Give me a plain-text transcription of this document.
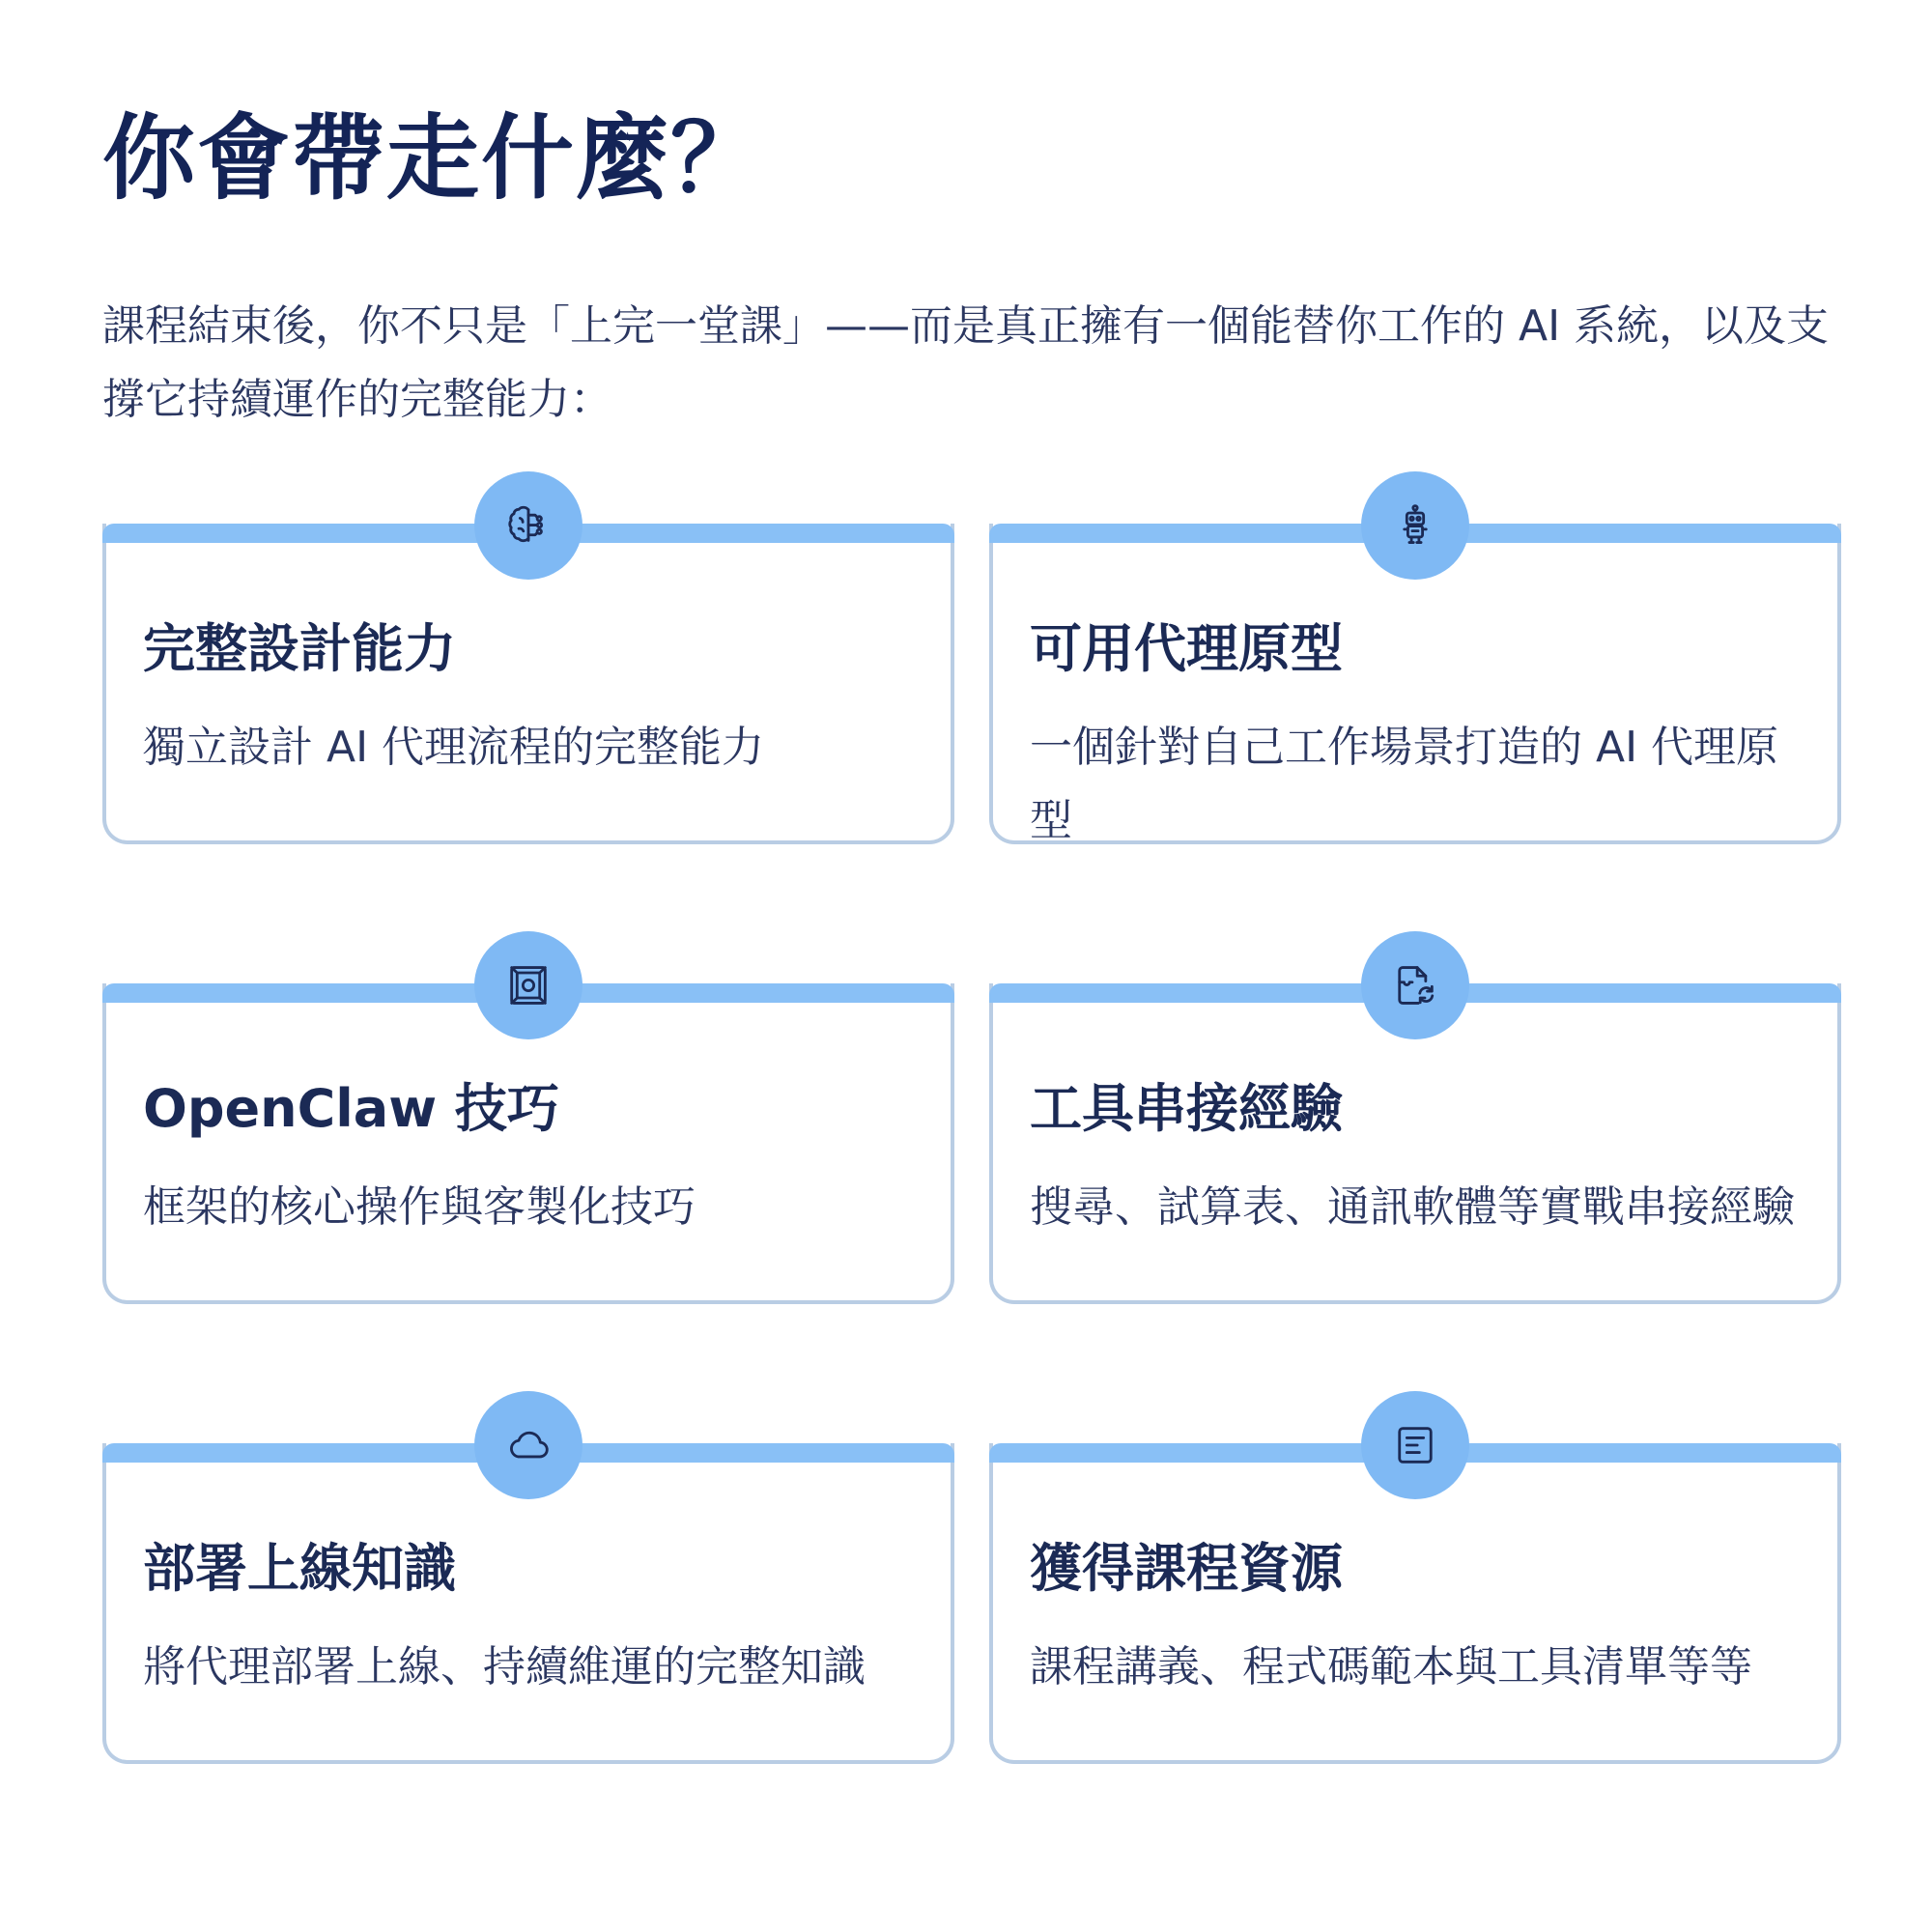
你會帶走什麼？

課程結束後，你不只是「上完一堂課」——而是真正擁有一個能替你工作的 AI 系統，以及支撐它持續運作的完整能力：

完整設計能力
獨立設計 AI 代理流程的完整能力
可用代理原型
一個針對自己工作場景打造的 AI 代理原型
OpenClaw 技巧
框架的核心操作與客製化技巧
工具串接經驗
搜尋、試算表、通訊軟體等實戰串接經驗
部署上線知識
將代理部署上線、持續維運的完整知識
獲得課程資源
課程講義、程式碼範本與工具清單等等
